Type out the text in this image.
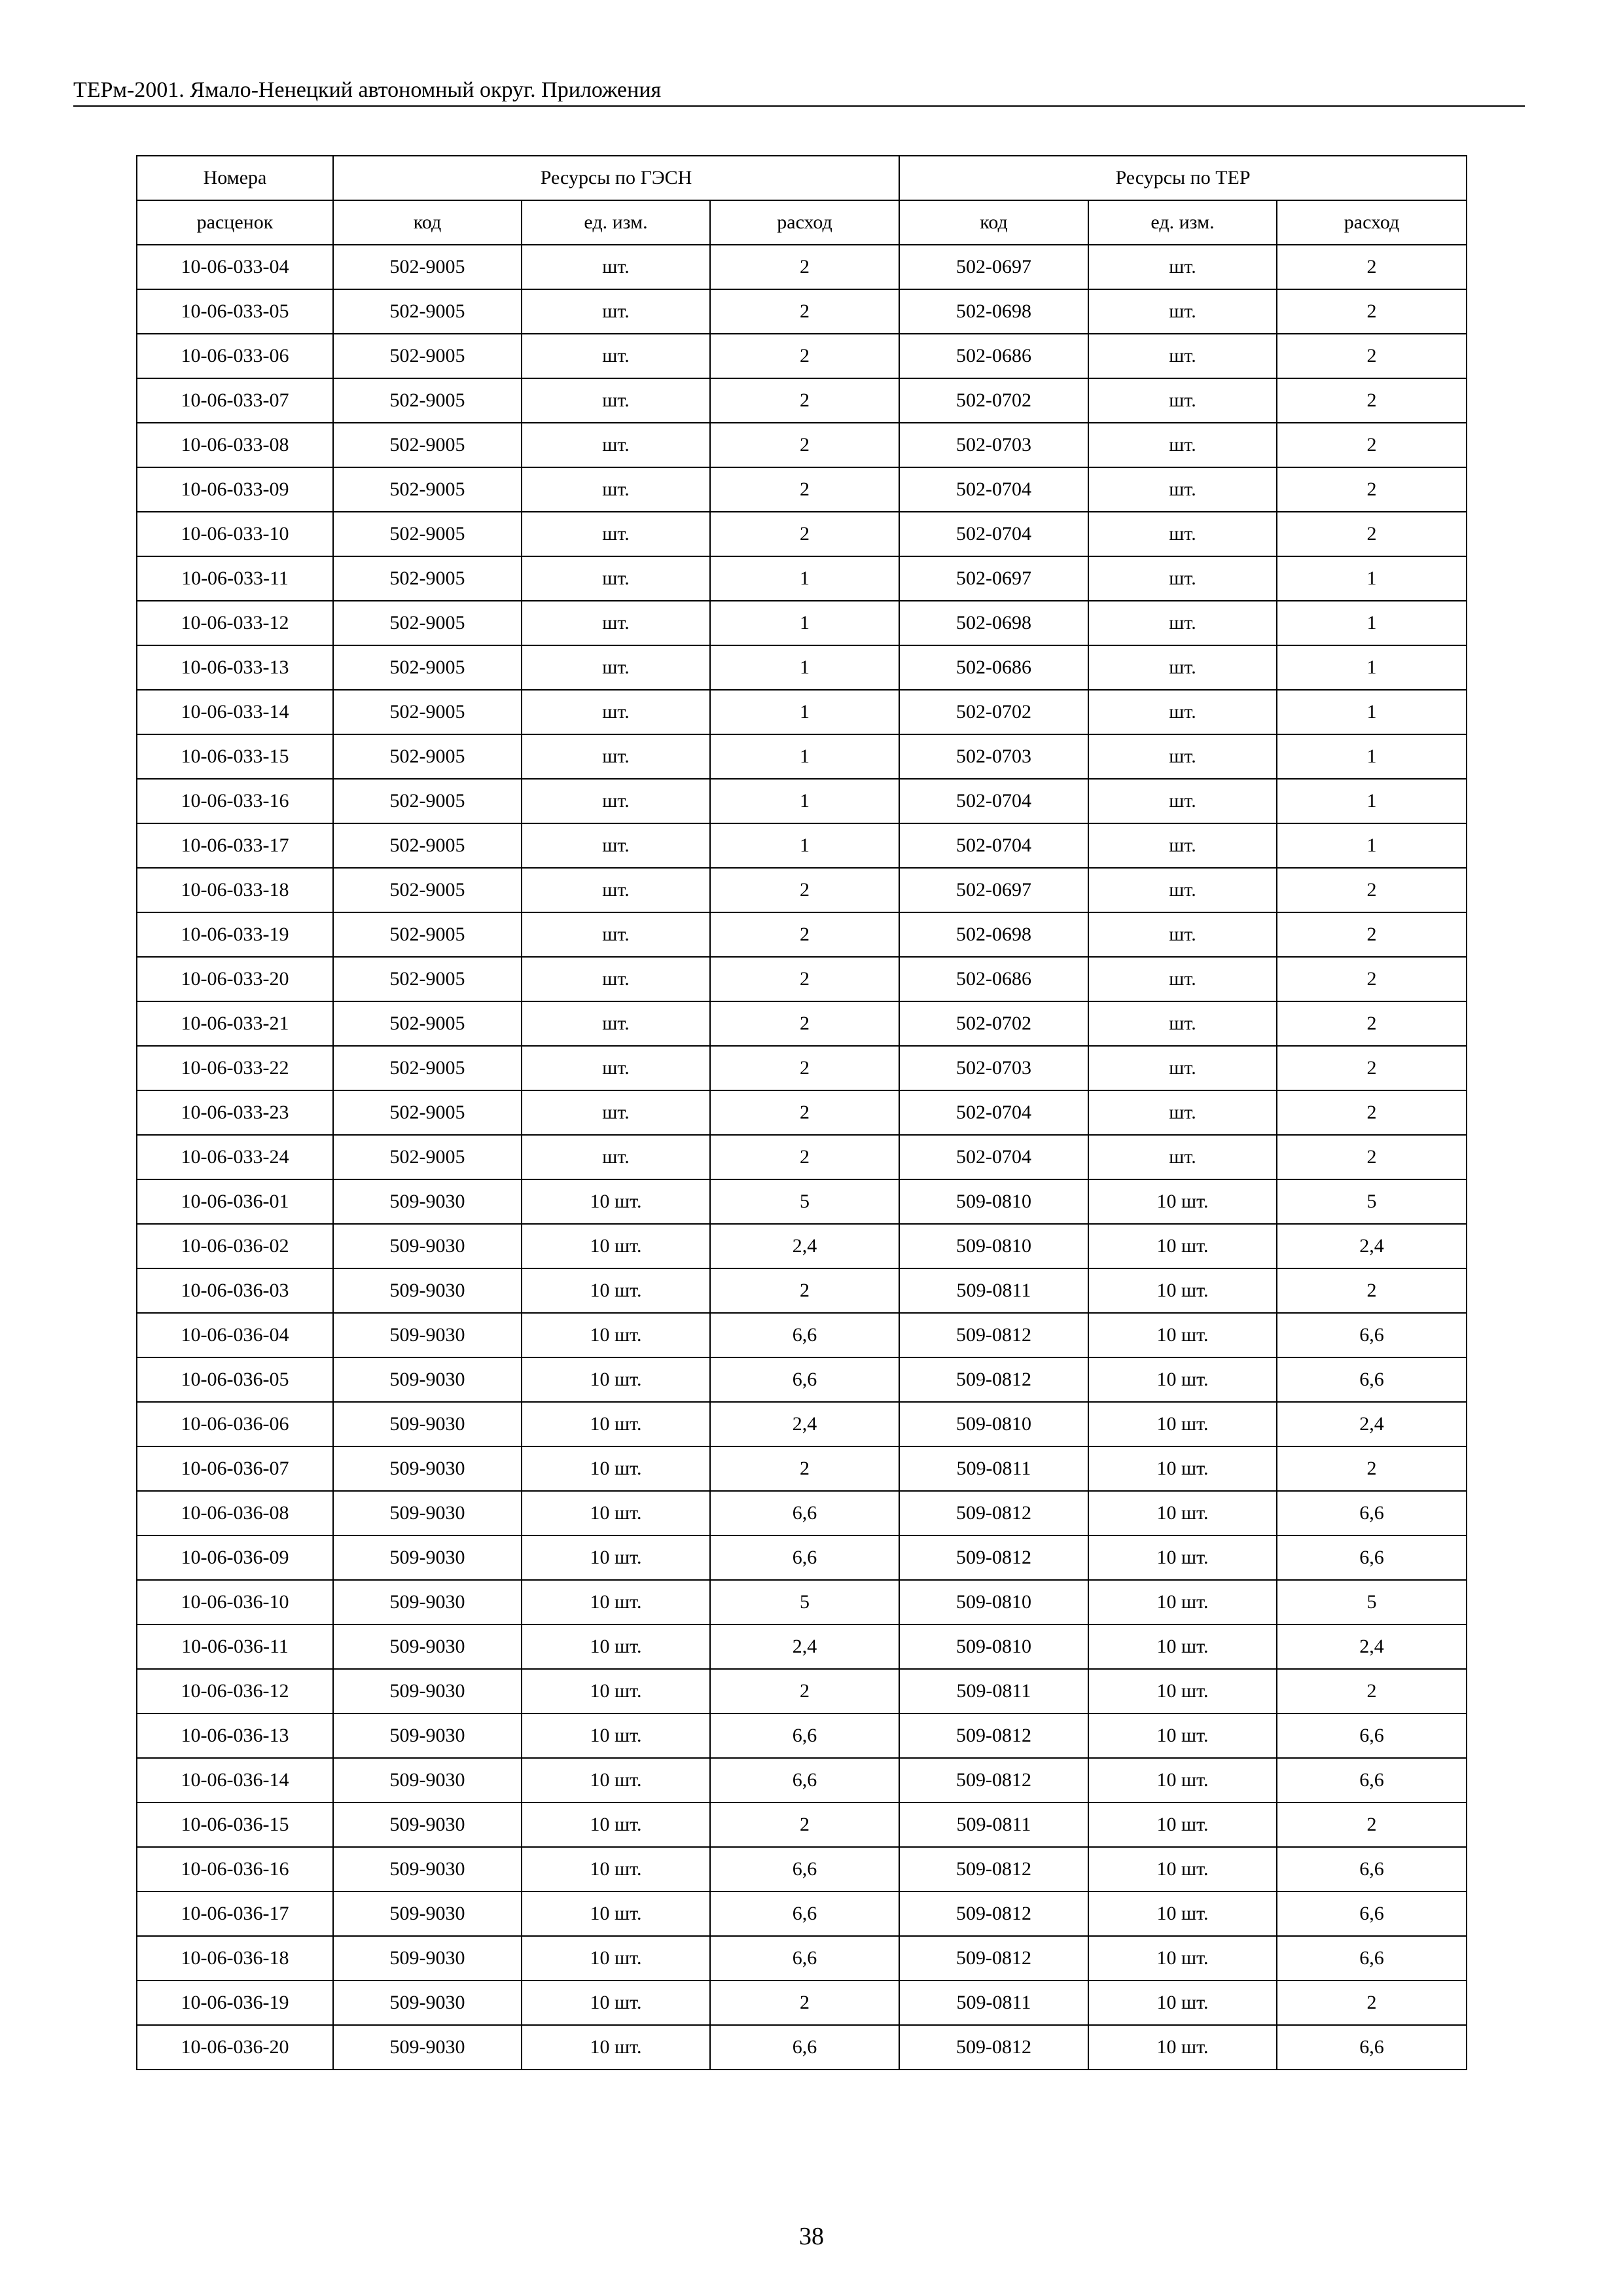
ТЕРм-2001. Ямало-Ненецкий автономный округ. Приложения
Номера	Ресурсы по ГЭСН			Ресурсы по ТЕР		
расценок	код	ед. изм.	расход	код	ед. изм.	расход
10-06-033-04	502-9005	шт.	2	502-0697	шт.	2
10-06-033-05	502-9005	шт.	2	502-0698	шт.	2
10-06-033-06	502-9005	шт.	2	502-0686	шт.	2
10-06-033-07	502-9005	шт.	2	502-0702	шт.	2
10-06-033-08	502-9005	шт.	2	502-0703	шт.	2
10-06-033-09	502-9005	шт.	2	502-0704	шт.	2
10-06-033-10	502-9005	шт.	2	502-0704	шт.	2
10-06-033-11	502-9005	шт.	1	502-0697	шт.	1
10-06-033-12	502-9005	шт.	1	502-0698	шт.	1
10-06-033-13	502-9005	шт.	1	502-0686	шт.	1
10-06-033-14	502-9005	шт.	1	502-0702	шт.	1
10-06-033-15	502-9005	шт.	1	502-0703	шт.	1
10-06-033-16	502-9005	шт.	1	502-0704	шт.	1
10-06-033-17	502-9005	шт.	1	502-0704	шт.	1
10-06-033-18	502-9005	шт.	2	502-0697	шт.	2
10-06-033-19	502-9005	шт.	2	502-0698	шт.	2
10-06-033-20	502-9005	шт.	2	502-0686	шт.	2
10-06-033-21	502-9005	шт.	2	502-0702	шт.	2
10-06-033-22	502-9005	шт.	2	502-0703	шт.	2
10-06-033-23	502-9005	шт.	2	502-0704	шт.	2
10-06-033-24	502-9005	шт.	2	502-0704	шт.	2
10-06-036-01	509-9030	10 шт.	5	509-0810	10 шт.	5
10-06-036-02	509-9030	10 шт.	2,4	509-0810	10 шт.	2,4
10-06-036-03	509-9030	10 шт.	2	509-0811	10 шт.	2
10-06-036-04	509-9030	10 шт.	6,6	509-0812	10 шт.	6,6
10-06-036-05	509-9030	10 шт.	6,6	509-0812	10 шт.	6,6
10-06-036-06	509-9030	10 шт.	2,4	509-0810	10 шт.	2,4
10-06-036-07	509-9030	10 шт.	2	509-0811	10 шт.	2
10-06-036-08	509-9030	10 шт.	6,6	509-0812	10 шт.	6,6
10-06-036-09	509-9030	10 шт.	6,6	509-0812	10 шт.	6,6
10-06-036-10	509-9030	10 шт.	5	509-0810	10 шт.	5
10-06-036-11	509-9030	10 шт.	2,4	509-0810	10 шт.	2,4
10-06-036-12	509-9030	10 шт.	2	509-0811	10 шт.	2
10-06-036-13	509-9030	10 шт.	6,6	509-0812	10 шт.	6,6
10-06-036-14	509-9030	10 шт.	6,6	509-0812	10 шт.	6,6
10-06-036-15	509-9030	10 шт.	2	509-0811	10 шт.	2
10-06-036-16	509-9030	10 шт.	6,6	509-0812	10 шт.	6,6
10-06-036-17	509-9030	10 шт.	6,6	509-0812	10 шт.	6,6
10-06-036-18	509-9030	10 шт.	6,6	509-0812	10 шт.	6,6
10-06-036-19	509-9030	10 шт.	2	509-0811	10 шт.	2
10-06-036-20	509-9030	10 шт.	6,6	509-0812	10 шт.	6,6
38
